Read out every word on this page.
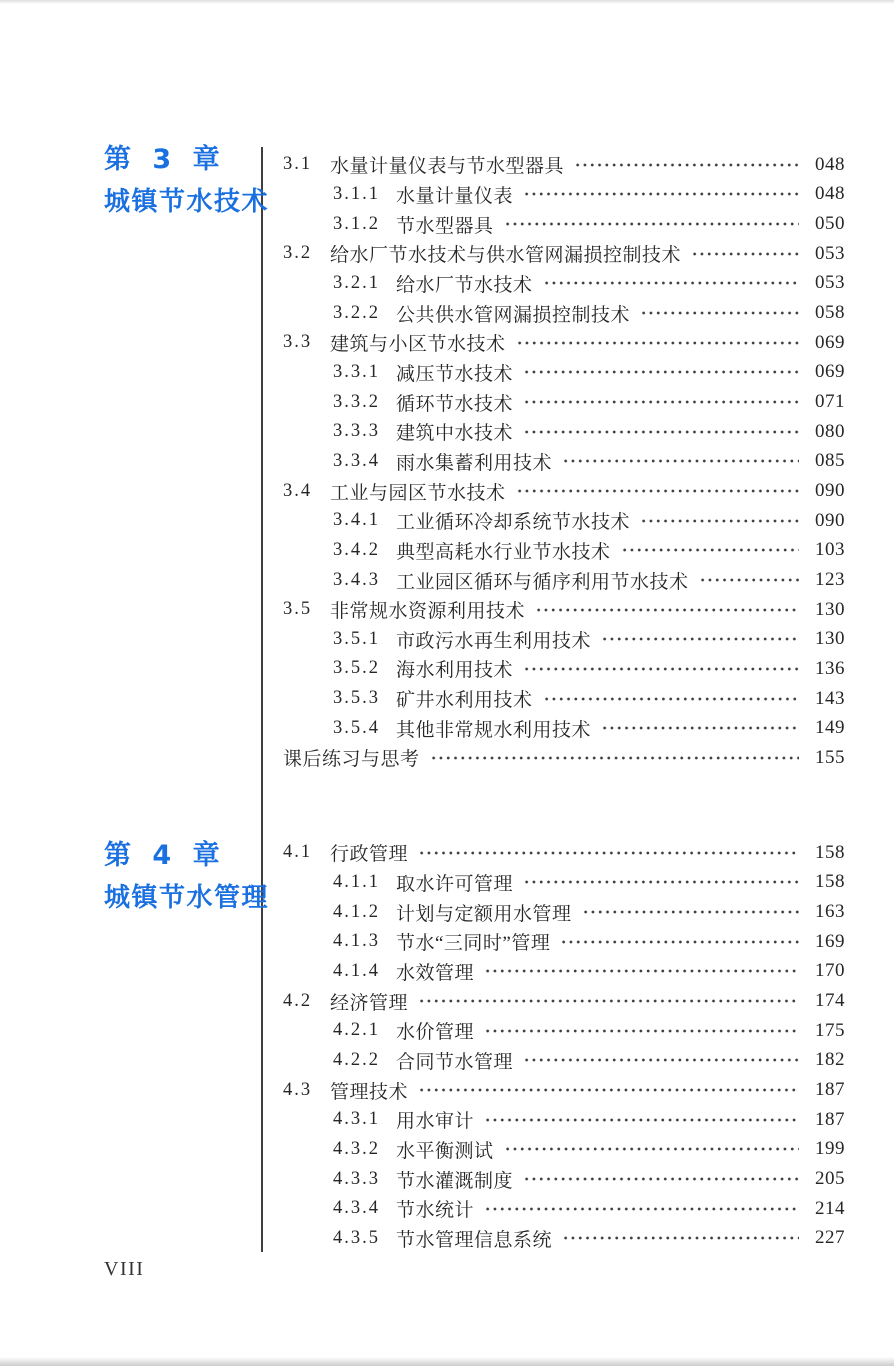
第 3 章
城镇节水技术
3.1 水量计量仪表与节水型器具	048
3.1.1 水量计量仪表	048
3.1.2 节水型器具	050
3.2 给水厂节水技术与供水管网漏损控制技术	053
3.2.1 给水厂节水技术	053
3.2.2 公共供水管网漏损控制技术	058
3.3 建筑与小区节水技术	069
3.3.1 减压节水技术	069
3.3.2 循环节水技术	071
3.3.3 建筑中水技术	080
3.3.4 雨水集蓄利用技术	085
3.4 工业与园区节水技术	090
3.4.1 工业循环冷却系统节水技术	090
3.4.2 典型高耗水行业节水技术	103
3.4.3 工业园区循环与循序利用节水技术	123
3.5 非常规水资源利用技术	130
3.5.1 市政污水再生利用技术	130
3.5.2 海水利用技术	136
3.5.3 矿井水利用技术	143
3.5.4 其他非常规水利用技术	149
课后练习与思考	155
第 4 章
城镇节水管理
4.1 行政管理	158
4.1.1 取水许可管理	158
4.1.2 计划与定额用水管理	163
4.1.3 节水“三同时”管理	169
4.1.4 水效管理	170
4.2 经济管理	174
4.2.1 水价管理	175
4.2.2 合同节水管理	182
4.3 管理技术	187
4.3.1 用水审计	187
4.3.2 水平衡测试	199
4.3.3 节水灌溉制度	205
4.3.4 节水统计	214
4.3.5 节水管理信息系统	227
VIII
